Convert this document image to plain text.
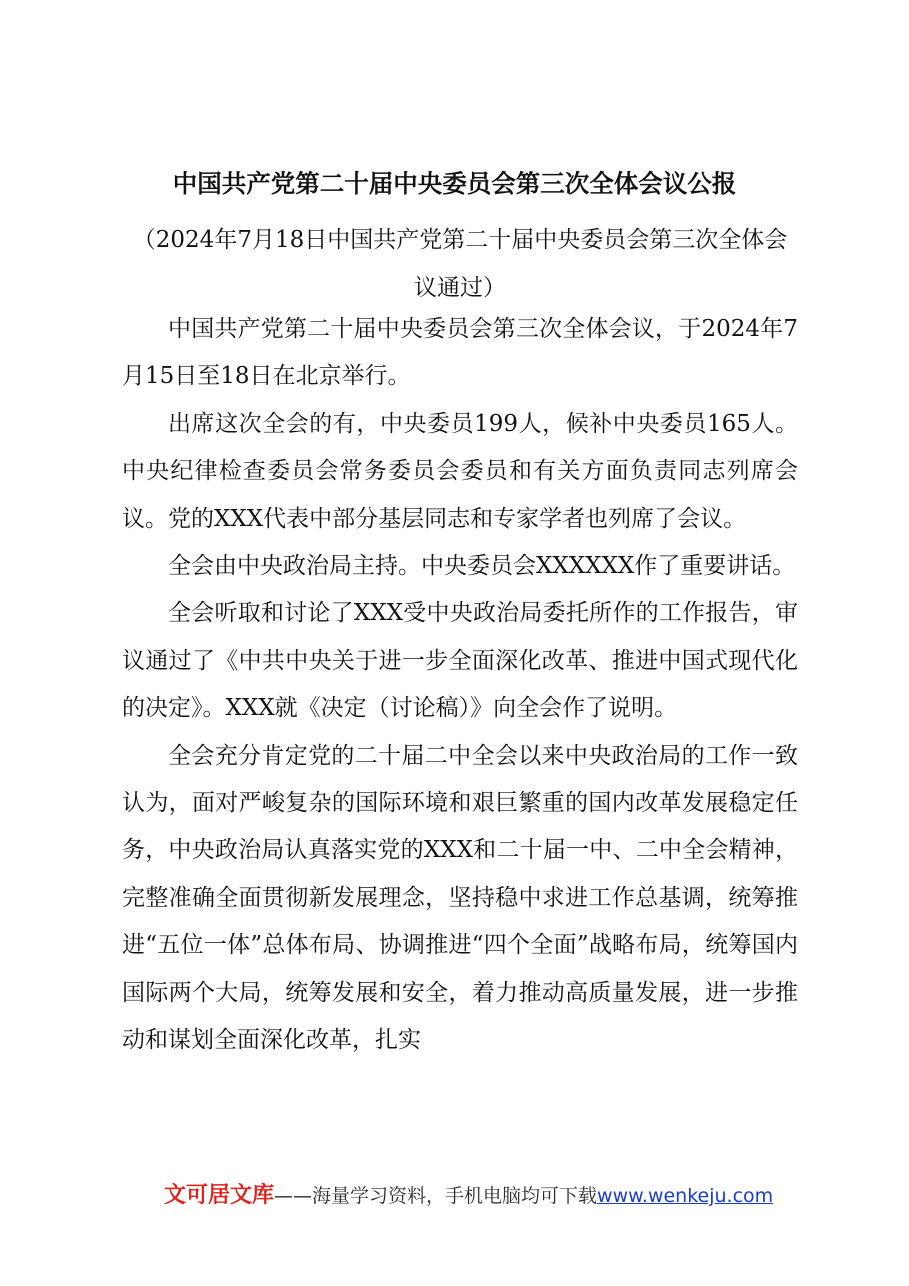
中国共产党第二十届中央委员会第三次全体会议公报

（2024年7月18日中国共产党第二十届中央委员会第三次全体会议通过）

中国共产党第二十届中央委员会第三次全体会议，于2024年7月15日至18日在北京举行。

出席这次全会的有，中央委员199人，候补中央委员165人。中央纪律检查委员会常务委员会委员和有关方面负责同志列席会议。党的XXX代表中部分基层同志和专家学者也列席了会议。

全会由中央政治局主持。中央委员会XXXXXX作了重要讲话。

全会听取和讨论了XXX受中央政治局委托所作的工作报告，审议通过了《中共中央关于进一步全面深化改革、推进中国式现代化的决定》。XXX就《决定（讨论稿）》向全会作了说明。

全会充分肯定党的二十届二中全会以来中央政治局的工作一致认为，面对严峻复杂的国际环境和艰巨繁重的国内改革发展稳定任务，中央政治局认真落实党的XXX和二十届一中、二中全会精神，完整准确全面贯彻新发展理念，坚持稳中求进工作总基调，统筹推进“五位一体”总体布局、协调推进“四个全面”战略布局，统筹国内国际两个大局，统筹发展和安全，着力推动高质量发展，进一步推动和谋划全面深化改革，扎实

文可居文库——海量学习资料，手机电脑均可下载www.wenkeju.com
